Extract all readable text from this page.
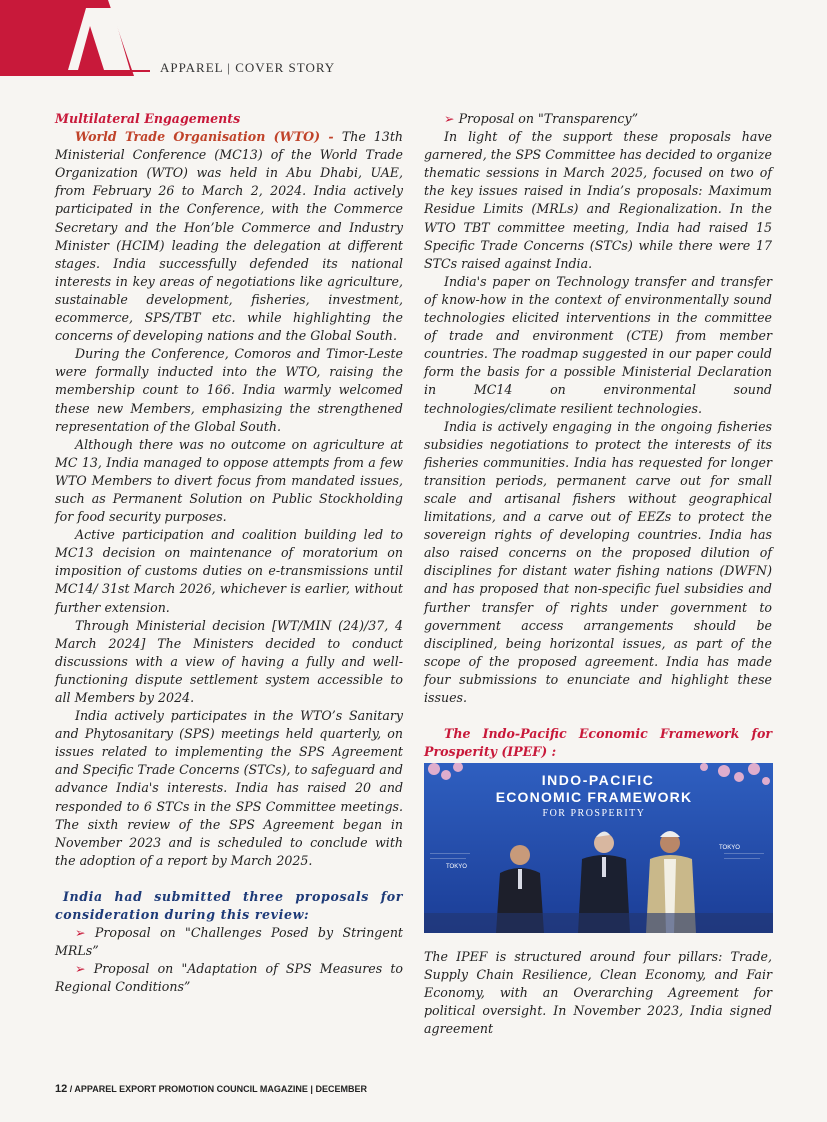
APPAREL | COVER STORY

Multilateral Engagements

World Trade Organisation (WTO) - The 13th Ministerial Conference (MC13) of the World Trade Organization (WTO) was held in Abu Dhabi, UAE, from February 26 to March 2, 2024. India actively participated in the Conference, with the Commerce Secretary and the Hon’ble Commerce and Industry Minister (HCIM) leading the delegation at different stages. India successfully defended its national interests in key areas of negotiations like agriculture, sustainable development, fisheries, investment, ecommerce, SPS/TBT etc. while highlighting the concerns of developing nations and the Global South.

During the Conference, Comoros and Timor-Leste were formally inducted into the WTO, raising the membership count to 166. India warmly welcomed these new Members, emphasizing the strengthened representation of the Global South.

Although there was no outcome on agriculture at MC 13, India managed to oppose attempts from a few WTO Members to divert focus from mandated issues, such as Permanent Solution on Public Stockholding for food security purposes.

Active participation and coalition building led to MC13 decision on maintenance of moratorium on imposition of customs duties on e-transmissions until MC14/ 31st March 2026, whichever is earlier, without further extension.

Through Ministerial decision [WT/MIN (24)/37, 4 March 2024] The Ministers decided to conduct discussions with a view of having a fully and well-functioning dispute settlement system accessible to all Members by 2024.

India actively participates in the WTO’s Sanitary and Phytosanitary (SPS) meetings held quarterly, on issues related to implementing the SPS Agreement and Specific Trade Concerns (STCs), to safeguard and advance India's interests. India has raised 20 and responded to 6 STCs in the SPS Committee meetings. The sixth review of the SPS Agreement began in November 2023 and is scheduled to conclude with the adoption of a report by March 2025.

India had submitted three proposals for consideration during this review:

➢ Proposal on "Challenges Posed by Stringent MRLs”

➢ Proposal on "Adaptation of SPS Measures to Regional Conditions”

➢ Proposal on "Transparency”

In light of the support these proposals have garnered, the SPS Committee has decided to organize thematic sessions in March 2025, focused on two of the key issues raised in India’s proposals: Maximum Residue Limits (MRLs) and Regionalization. In the WTO TBT committee meeting, India had raised 15 Specific Trade Concerns (STCs) while there were 17 STCs raised against India.

India's paper on Technology transfer and transfer of know-how in the context of environmentally sound technologies elicited interventions in the committee of trade and environment (CTE) from member countries. The roadmap suggested in our paper could form the basis for a possible Ministerial Declaration in MC14 on environmental sound technologies/climate resilient technologies.

India is actively engaging in the ongoing fisheries subsidies negotiations to protect the interests of its fisheries communities. India has requested for longer transition periods, permanent carve out for small scale and artisanal fishers without geographical limitations, and a carve out of EEZs to protect the sovereign rights of developing countries. India has also raised concerns on the proposed dilution of disciplines for distant water fishing nations (DWFN) and has proposed that non-specific fuel subsidies and further transfer of rights under government to government access arrangements should be disciplined, being horizontal issues, as part of the scope of the proposed agreement. India has made four submissions to enunciate and highlight these issues.

The Indo-Pacific Economic Framework for Prosperity (IPEF) :

INDO-PACIFIC
ECONOMIC FRAMEWORK
FOR PROSPERITY
TOKYO
TOKYO

The IPEF is structured around four pillars: Trade, Supply Chain Resilience, Clean Economy, and Fair Economy, with an Overarching Agreement for political oversight. In November 2023, India signed agreement

12 / APPAREL EXPORT PROMOTION COUNCIL MAGAZINE | DECEMBER
